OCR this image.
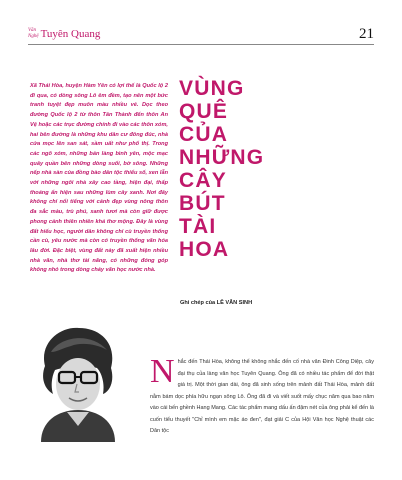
Văn
Nghệ Tuyên Quang	21

Xã Thái Hòa, huyện Hàm Yên có lợi thế là Quốc lộ 2 đi qua, có dòng sông Lô êm đềm, tạo nên một bức tranh tuyệt đẹp muôn màu nhiều vẻ. Dọc theo đường Quốc lộ 2 từ thôn Tân Thành đến thôn An Vệ hoặc các trục đường chính đi vào các thôn xóm, hai bên đường là những khu dân cư đông đúc, nhà cửa mọc lên san sát, sầm uất như phố thị. Trong các ngõ xóm, những bản làng bình yên, mộc mạc quây quần bên những dòng suối, bờ sông. Những nếp nhà sàn của đồng bào dân tộc thiểu số, xen lẫn với những ngôi nhà xây cao tầng, hiện đại, thấp thoáng ẩn hiện sau những lùm cây xanh. Nơi đây không chỉ nổi tiếng với cảnh đẹp vùng nông thôn đa sắc màu, trù phú, xanh tươi mà còn giữ được phong cảnh thiên nhiên khá thơ mộng. Đây là vùng đất hiếu học, người dân không chỉ cù truyền thống cần cù, yêu nước mà còn có truyền thống văn hóa lâu đời. Đặc biệt, vùng đất này đã xuất hiện nhiều nhà văn, nhà thơ tài năng, có những đóng góp không nhỏ trong dòng chảy văn học nước nhà.

VÙNG
QUÊ
CỦA
NHỮNG
CÂY
BÚT
TÀI
HOA

Ghi chép của LÊ VĂN SINH

Nhắc đến Thái Hòa, không thể không nhắc đến cố nhà văn Đinh Công Diệp, cây đại thụ của làng văn học Tuyên Quang. Ông đã có nhiều tác phẩm để đời thật giá trị. Một thời gian dài, ông đã sinh sống trên mảnh đất Thái Hòa, mảnh đất nằm bám dọc phía hữu ngạn sông Lô. Ông đã đi và viết suốt mấy chục năm qua bao năm vào cái bến ghềnh Hang Mang. Các tác phẩm mang dấu ấn đậm nét của ông phải kể đến là cuốn tiểu thuyết "Chỉ mình em mặc áo đen", đạt giải C của Hội Văn học Nghệ thuật các Dân tộc
